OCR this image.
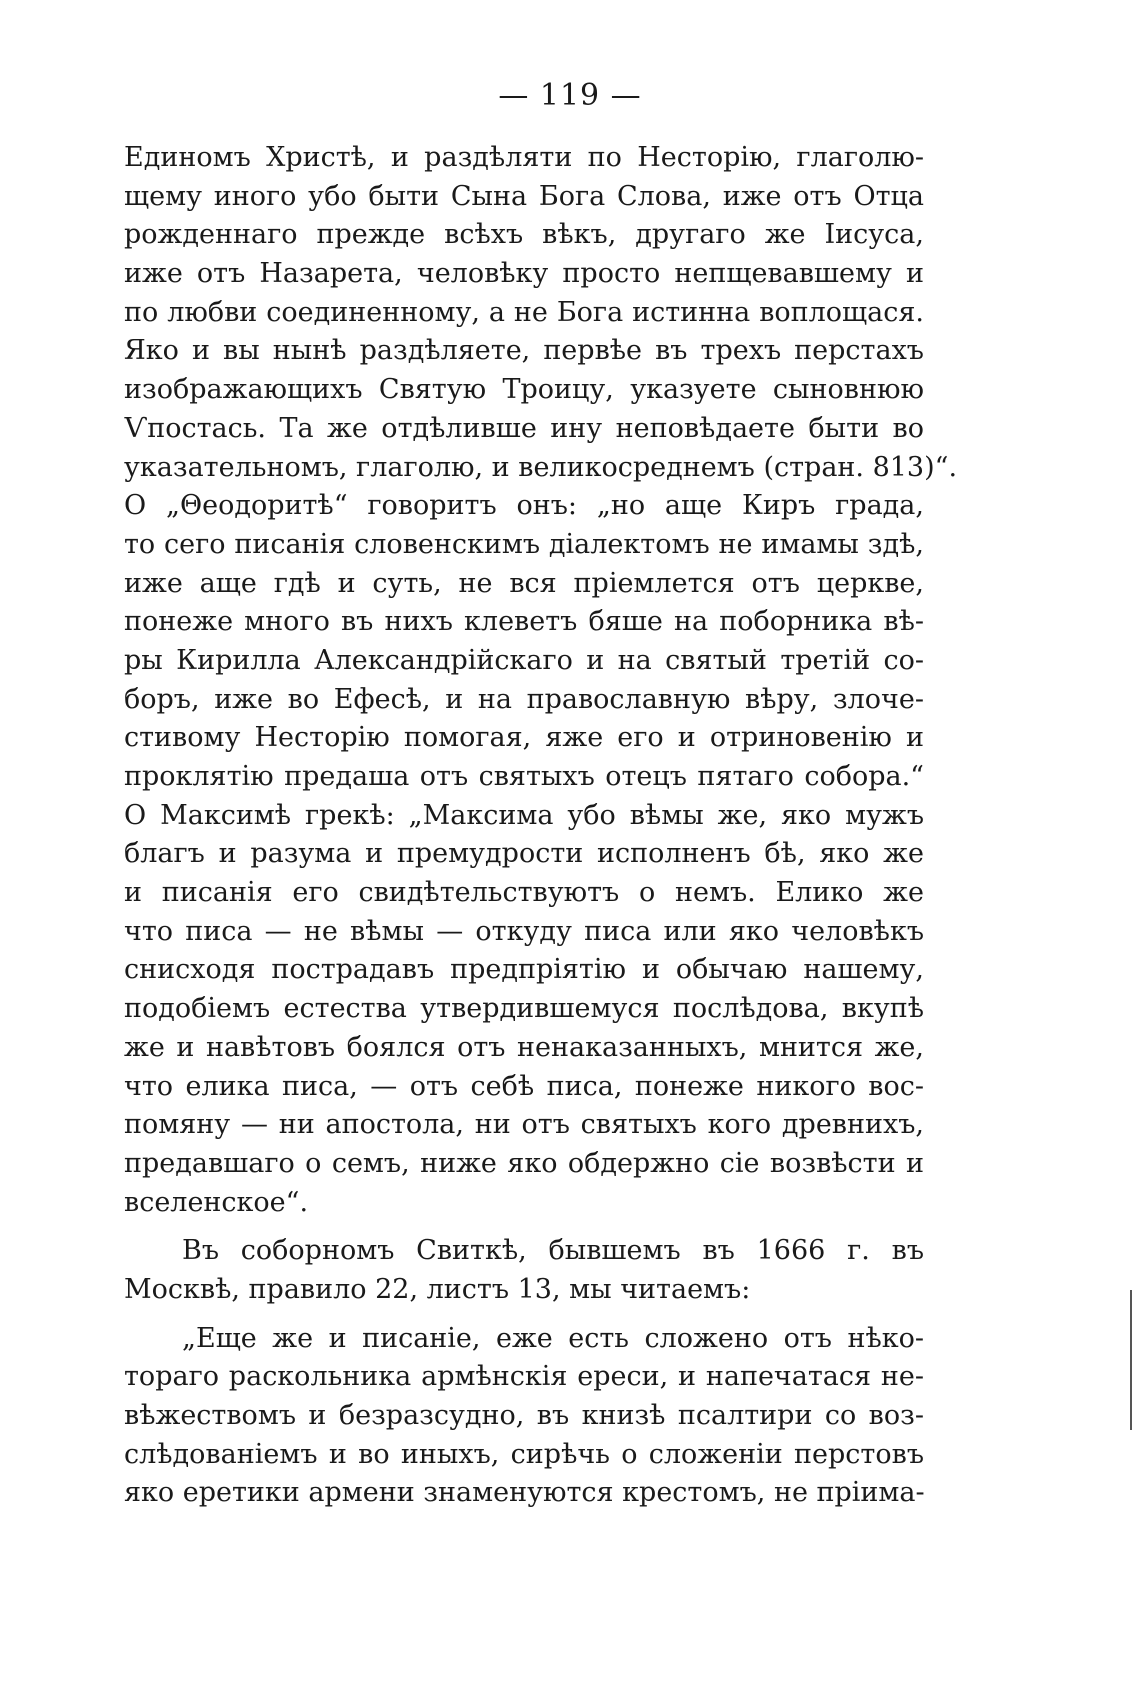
— 119 —
Единомъ Христѣ, и раздѣляти по Несторію, глаголю-
щему иного убо быти Сына Бога Слова, иже отъ Отца
рожденнаго прежде всѣхъ вѣкъ, другаго же Іисуса,
иже отъ Назарета, человѣку просто непщевавшему и
по любви соединенному, а не Бога истинна воплощася.
Яко и вы нынѣ раздѣляете, первѣе въ трехъ перстахъ
изображающихъ Святую Троицу, указуете сыновнюю
Ѵпостась. Та же отдѣливше ину неповѣдаете быти во
указательномъ, глаголю, и великосреднемъ (стран. 813)“.
О „Θеодоритѣ“ говоритъ онъ: „но аще Киръ града,
то сего писанія словенскимъ діалектомъ не имамы здѣ,
иже аще гдѣ и суть, не вся пріемлется отъ церкве,
понеже много въ нихъ клеветъ бяше на поборника вѣ-
ры Кирилла Александрійскаго и на святый третій со-
боръ, иже во Ефесѣ, и на православную вѣру, злоче-
стивому Несторію помогая, яже его и отриновенію и
проклятію предаша отъ святыхъ отецъ пятаго собора.“
О Максимѣ грекѣ: „Максима убо вѣмы же, яко мужъ
благъ и разума и премудрости исполненъ бѣ, яко же
и писанія его свидѣтельствуютъ о немъ. Елико же
что писа — не вѣмы — откуду писа или яко человѣкъ
снисходя пострадавъ предпріятію и обычаю нашему,
подобіемъ естества утвердившемуся послѣдова, вкупѣ
же и навѣтовъ боялся отъ ненаказанныхъ, мнится же,
что елика писа, — отъ себѣ писа, понеже никого вос-
помяну — ни апостола, ни отъ святыхъ кого древнихъ,
предавшаго о семъ, ниже яко обдержно сіе возвѣсти и
вселенское“.
Въ соборномъ Свиткѣ, бывшемъ въ 1666 г. въ
Москвѣ, правило 22, листъ 13, мы читаемъ:
„Еще же и писаніе, еже есть сложено отъ нѣко-
тораго раскольника армѣнскія ереси, и напечатася не-
вѣжествомъ и безразсудно, въ книзѣ псалтири со воз-
слѣдованіемъ и во иныхъ, сирѣчь о сложеніи перстовъ
яко еретики армени знаменуются крестомъ, не пріима-
